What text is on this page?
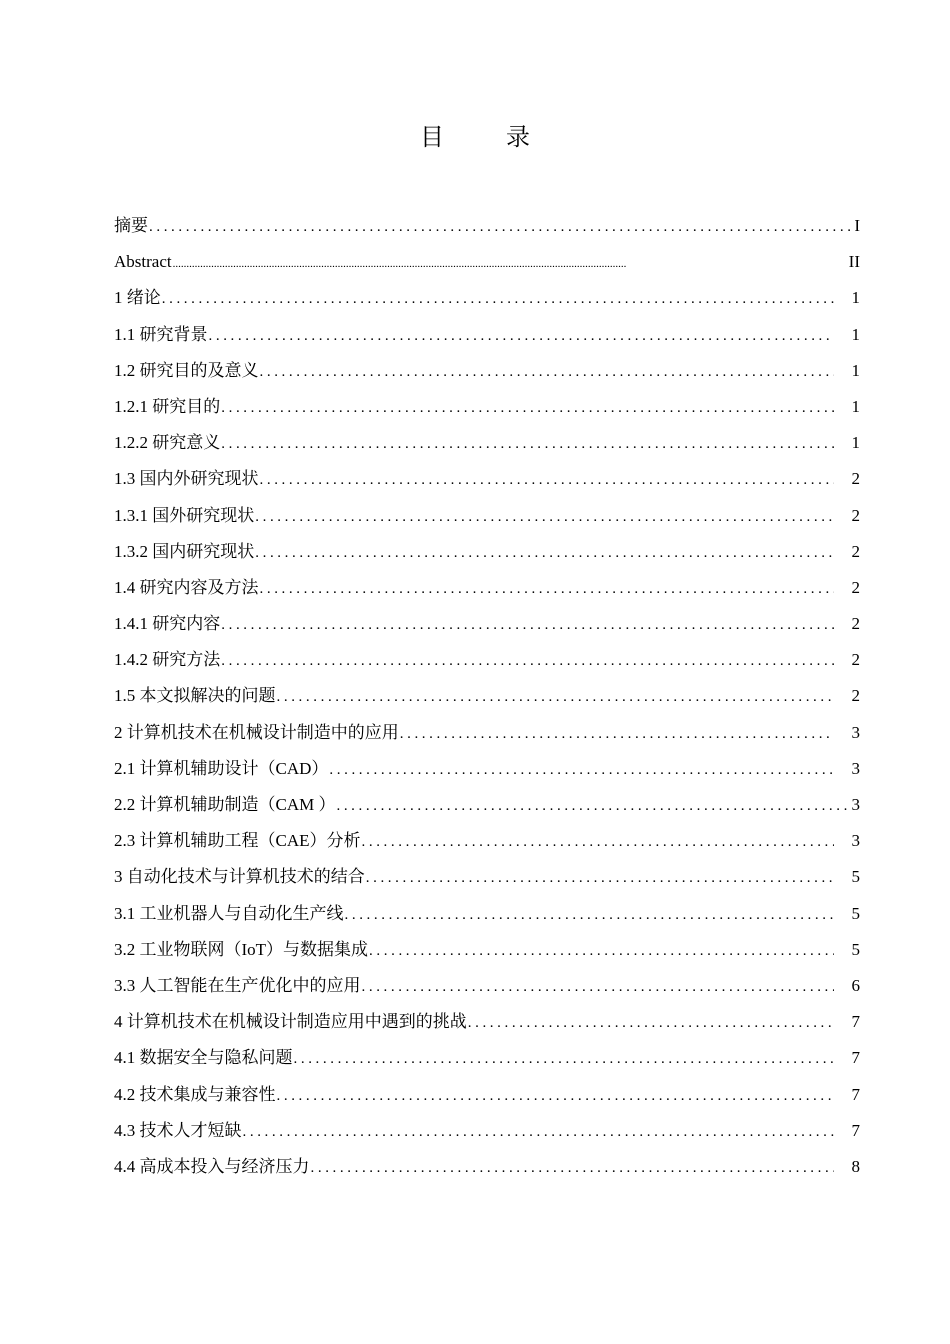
目 录
摘要 .....	I
Abstract .....	II
1 绪论 .....	1
1.1 研究背景 .....	1
1.2 研究目的及意义 .....	1
1.2.1 研究目的 .....	1
1.2.2 研究意义 .....	1
1.3 国内外研究现状 .....	2
1.3.1 国外研究现状 .....	2
1.3.2 国内研究现状 .....	2
1.4 研究内容及方法 .....	2
1.4.1 研究内容 .....	2
1.4.2 研究方法 .....	2
1.5 本文拟解决的问题 .....	2
2 计算机技术在机械设计制造中的应用 .....	3
2.1 计算机辅助设计（CAD） .....	3
2.2 计算机辅助制造（CAM ） .....	3
2.3 计算机辅助工程（CAE）分析 .....	3
3 自动化技术与计算机技术的结合 .....	5
3.1 工业机器人与自动化生产线 .....	5
3.2 工业物联网（IoT）与数据集成 .....	5
3.3 人工智能在生产优化中的应用 .....	6
4 计算机技术在机械设计制造应用中遇到的挑战 .....	7
4.1 数据安全与隐私问题 .....	7
4.2 技术集成与兼容性 .....	7
4.3 技术人才短缺 .....	7
4.4 高成本投入与经济压力 .....	8
